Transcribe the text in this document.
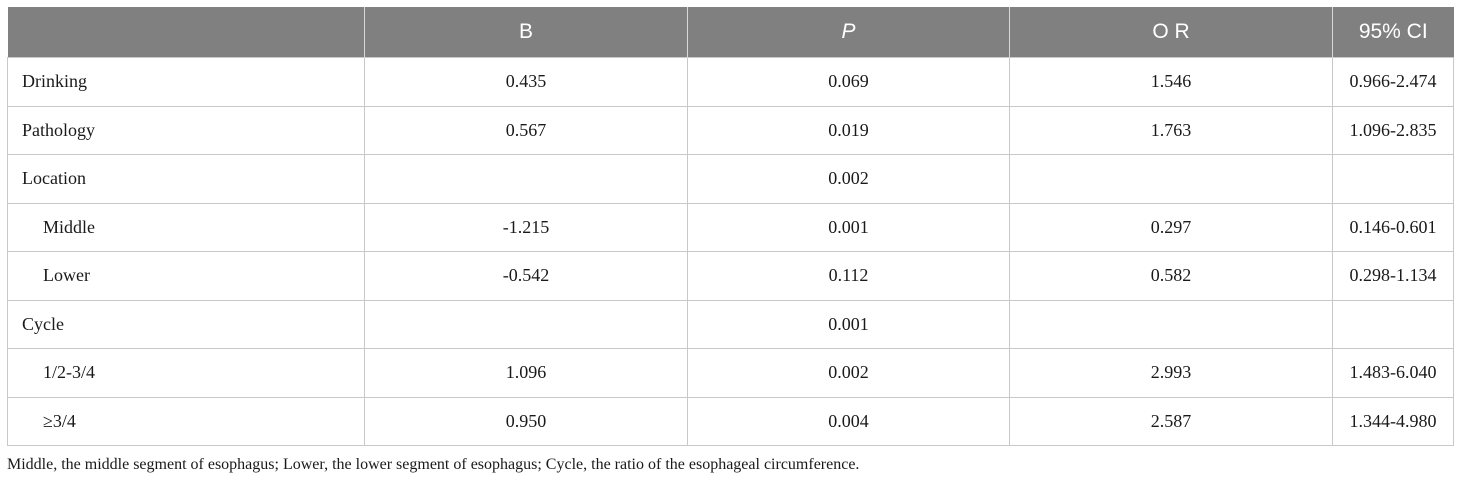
	B	P	O R	95% CI
Drinking	0.435	0.069	1.546	0.966-2.474
Pathology	0.567	0.019	1.763	1.096-2.835
Location		0.002		
Middle	-1.215	0.001	0.297	0.146-0.601
Lower	-0.542	0.112	0.582	0.298-1.134
Cycle		0.001		
1/2-3/4	1.096	0.002	2.993	1.483-6.040
≥3/4	0.950	0.004	2.587	1.344-4.980
Middle, the middle segment of esophagus; Lower, the lower segment of esophagus; Cycle, the ratio of the esophageal circumference.
